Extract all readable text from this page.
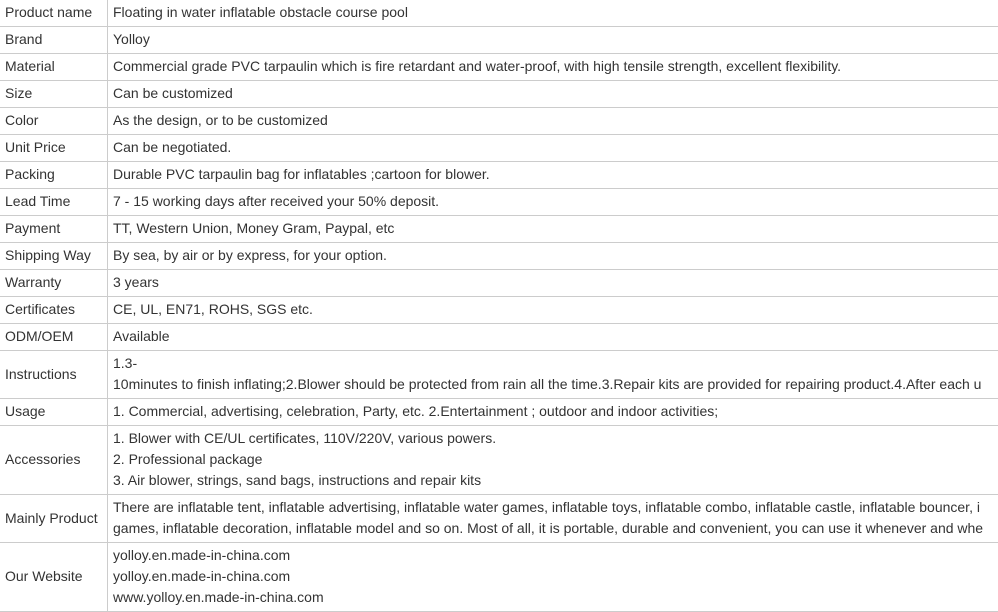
Product name	Floating in water inflatable obstacle course pool

Brand	Yolloy

Material	Commercial grade PVC tarpaulin which is fire retardant and water-proof, with high tensile strength, excellent flexibility.

Size	Can be customized

Color	As the design, or to be customized

Unit Price	Can be negotiated.

Packing	Durable PVC tarpaulin bag for inflatables ;cartoon for blower.

Lead Time	7 - 15 working days after received your 50% deposit.

Payment	TT, Western Union, Money Gram, Paypal, etc

Shipping Way	By sea, by air or by express, for your option.

Warranty	3 years

Certificates	CE, UL, EN71, ROHS, SGS etc.

ODM/OEM	Available

Instructions	1.3-
10minutes to finish inflating;2.Blower should be protected from rain all the time.3.Repair kits are provided for repairing product.4.After each u

Usage	1. Commercial, advertising, celebration, Party, etc. 2.Entertainment ; outdoor and indoor activities;

Accessories	1. Blower with CE/UL certificates, 110V/220V, various powers.
2. Professional package
3. Air blower, strings, sand bags, instructions and repair kits

Mainly Product	There are inflatable tent, inflatable advertising, inflatable water games, inflatable toys, inflatable combo, inflatable castle, inflatable bouncer, i
games, inflatable decoration, inflatable model and so on. Most of all, it is portable, durable and convenient, you can use it whenever and whe

Our Website	yolloy.en.made-in-china.com
yolloy.en.made-in-china.com
www.yolloy.en.made-in-china.com
